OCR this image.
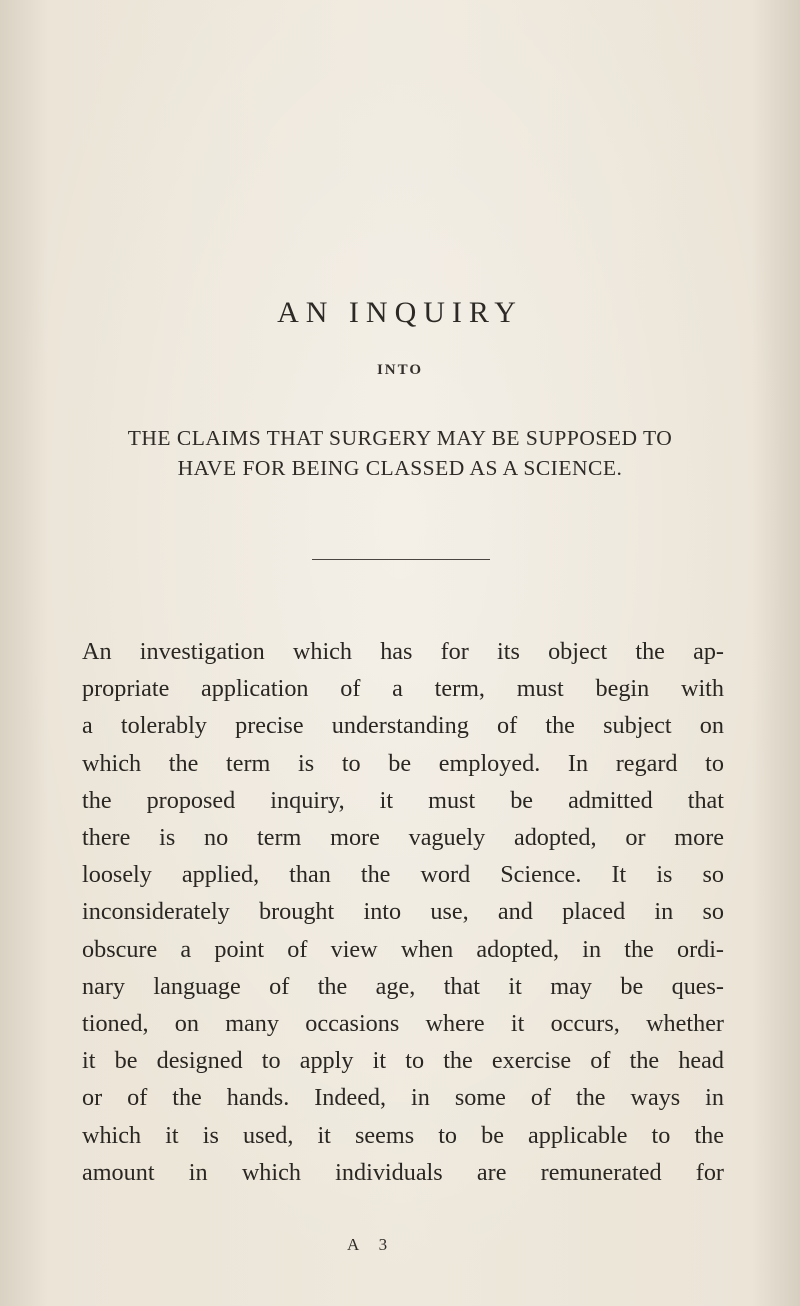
AN INQUIRY

INTO

THE CLAIMS THAT SURGERY MAY BE SUPPOSED TO
HAVE FOR BEING CLASSED AS A SCIENCE.

An investigation which has for its object the ap-
propriate application of a term, must begin with
a tolerably precise understanding of the subject on
which the term is to be employed. In regard to
the proposed inquiry, it must be admitted that
there is no term more vaguely adopted, or more
loosely applied, than the word Science. It is so
inconsiderately brought into use, and placed in so
obscure a point of view when adopted, in the ordi-
nary language of the age, that it may be ques-
tioned, on many occasions where it occurs, whether
it be designed to apply it to the exercise of the head
or of the hands. Indeed, in some of the ways in
which it is used, it seems to be applicable to the
amount in which individuals are remunerated for

A 3
